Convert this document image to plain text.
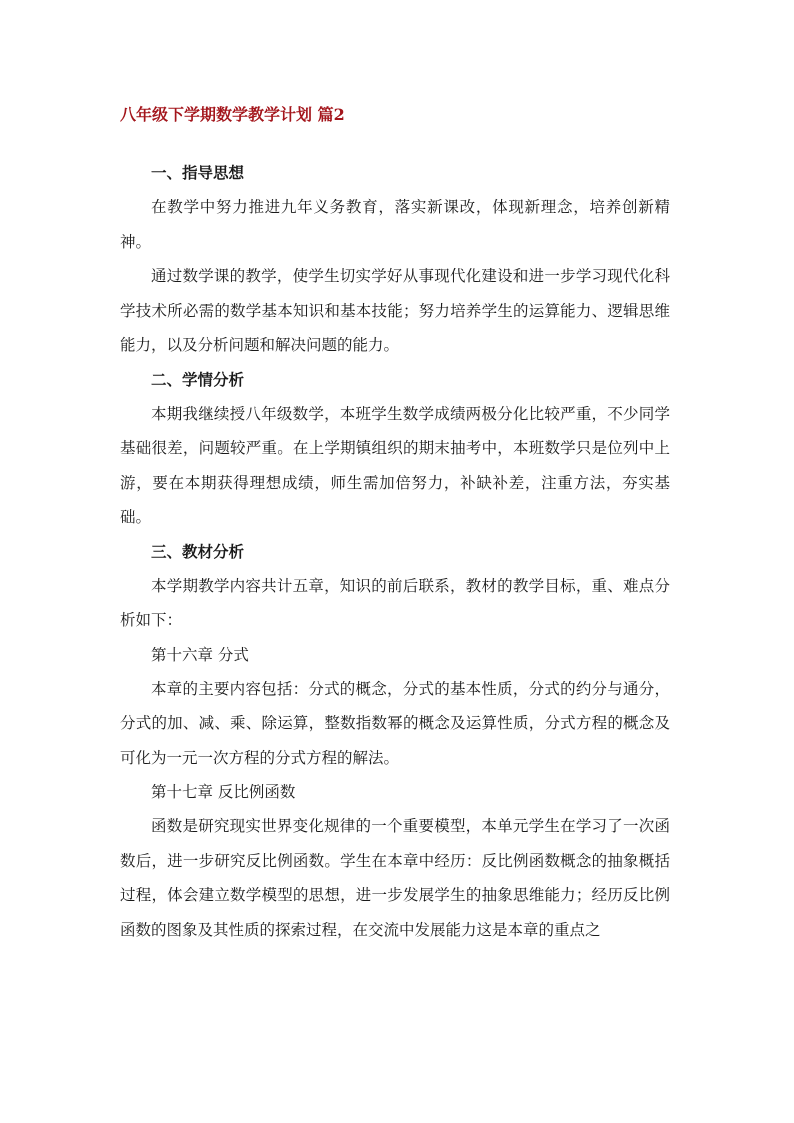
八年级下学期数学教学计划 篇2

一、指导思想

在教学中努力推进九年义务教育，落实新课改，体现新理念，培养创新精神。

通过数学课的教学，使学生切实学好从事现代化建设和进一步学习现代化科学技术所必需的数学基本知识和基本技能；努力培养学生的运算能力、逻辑思维能力，以及分析问题和解决问题的能力。

二、学情分析

本期我继续授八年级数学，本班学生数学成绩两极分化比较严重，不少同学基础很差，问题较严重。在上学期镇组织的期末抽考中，本班数学只是位列中上游，要在本期获得理想成绩，师生需加倍努力，补缺补差，注重方法，夯实基础。

三、教材分析

本学期教学内容共计五章，知识的前后联系，教材的教学目标，重、难点分析如下：

第十六章 分式

本章的主要内容包括：分式的概念，分式的基本性质，分式的约分与通分，分式的加、减、乘、除运算，整数指数幂的概念及运算性质，分式方程的概念及可化为一元一次方程的分式方程的解法。

第十七章 反比例函数

函数是研究现实世界变化规律的一个重要模型，本单元学生在学习了一次函数后，进一步研究反比例函数。学生在本章中经历：反比例函数概念的抽象概括过程，体会建立数学模型的思想，进一步发展学生的抽象思维能力；经历反比例函数的图象及其性质的探索过程，在交流中发展能力这是本章的重点之
